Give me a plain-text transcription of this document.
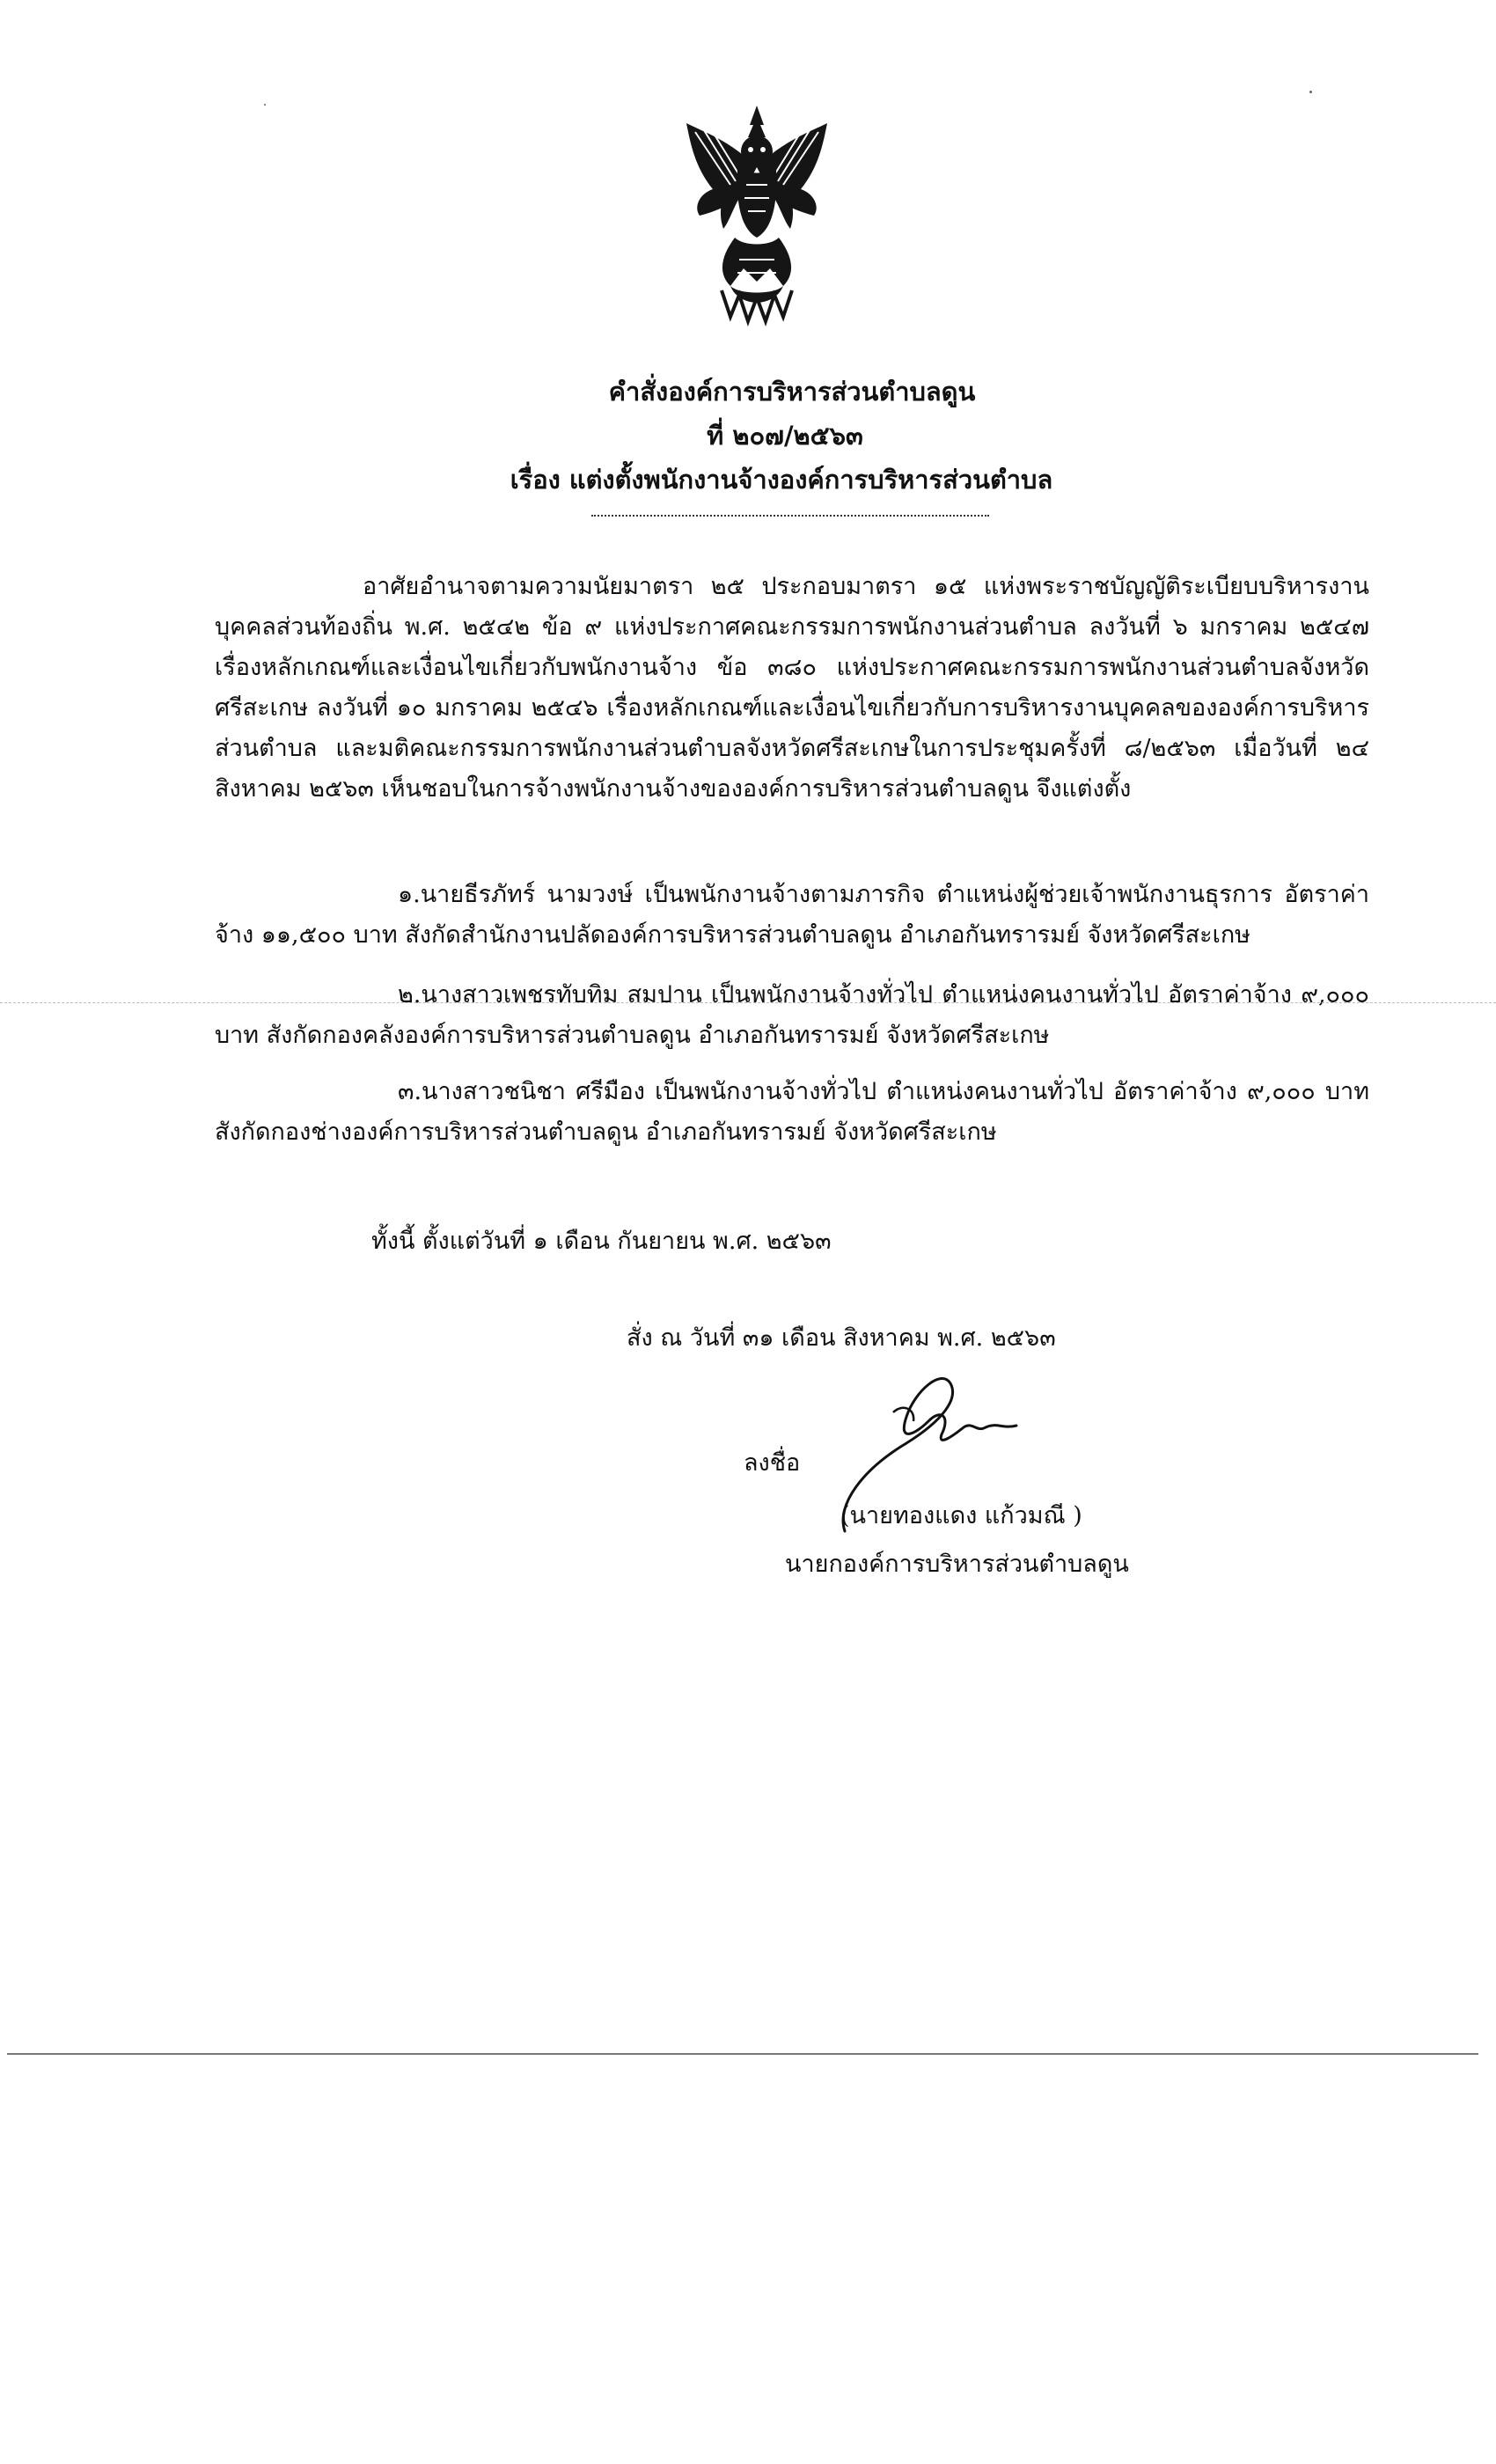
คำสั่งองค์การบริหารส่วนตำบลดูน
ที่ ๒๐๗/๒๕๖๓
เรื่อง แต่งตั้งพนักงานจ้างองค์การบริหารส่วนตำบล
อาศัยอำนาจตามความนัยมาตรา ๒๕ ประกอบมาตรา ๑๕ แห่งพระราชบัญญัติระเบียบบริหารงานบุคคลส่วนท้องถิ่น พ.ศ. ๒๕๔๒ ข้อ ๙ แห่งประกาศคณะกรรมการพนักงานส่วนตำบล ลงวันที่ ๖ มกราคม ๒๕๔๗ เรื่องหลักเกณฑ์และเงื่อนไขเกี่ยวกับพนักงานจ้าง ข้อ ๓๘๐ แห่งประกาศคณะกรรมการพนักงานส่วนตำบลจังหวัดศรีสะเกษ ลงวันที่ ๑๐ มกราคม ๒๕๔๖ เรื่องหลักเกณฑ์และเงื่อนไขเกี่ยวกับการบริหารงานบุคคลขององค์การบริหารส่วนตำบล และมติคณะกรรมการพนักงานส่วนตำบลจังหวัดศรีสะเกษในการประชุมครั้งที่ ๘/๒๕๖๓ เมื่อวันที่ ๒๔ สิงหาคม ๒๕๖๓ เห็นชอบในการจ้างพนักงานจ้างขององค์การบริหารส่วนตำบลดูน จึงแต่งตั้ง
๑.นายธีรภัทร์ นามวงษ์ เป็นพนักงานจ้างตามภารกิจ ตำแหน่งผู้ช่วยเจ้าพนักงานธุรการ อัตราค่าจ้าง ๑๑,๕๐๐ บาท สังกัดสำนักงานปลัดองค์การบริหารส่วนตำบลดูน อำเภอกันทรารมย์ จังหวัดศรีสะเกษ
๒.นางสาวเพชรทับทิม สมปาน เป็นพนักงานจ้างทั่วไป ตำแหน่งคนงานทั่วไป อัตราค่าจ้าง ๙,๐๐๐ บาท สังกัดกองคลังองค์การบริหารส่วนตำบลดูน อำเภอกันทรารมย์ จังหวัดศรีสะเกษ
๓.นางสาวชนิชา ศรีมือง เป็นพนักงานจ้างทั่วไป ตำแหน่งคนงานทั่วไป อัตราค่าจ้าง ๙,๐๐๐ บาท สังกัดกองช่างองค์การบริหารส่วนตำบลดูน อำเภอกันทรารมย์ จังหวัดศรีสะเกษ
ทั้งนี้ ตั้งแต่วันที่ ๑ เดือน กันยายน พ.ศ. ๒๕๖๓
สั่ง ณ วันที่ ๓๑ เดือน สิงหาคม พ.ศ. ๒๕๖๓
ลงชื่อ
(นายทองแดง แก้วมณี )
นายกองค์การบริหารส่วนตำบลดูน
